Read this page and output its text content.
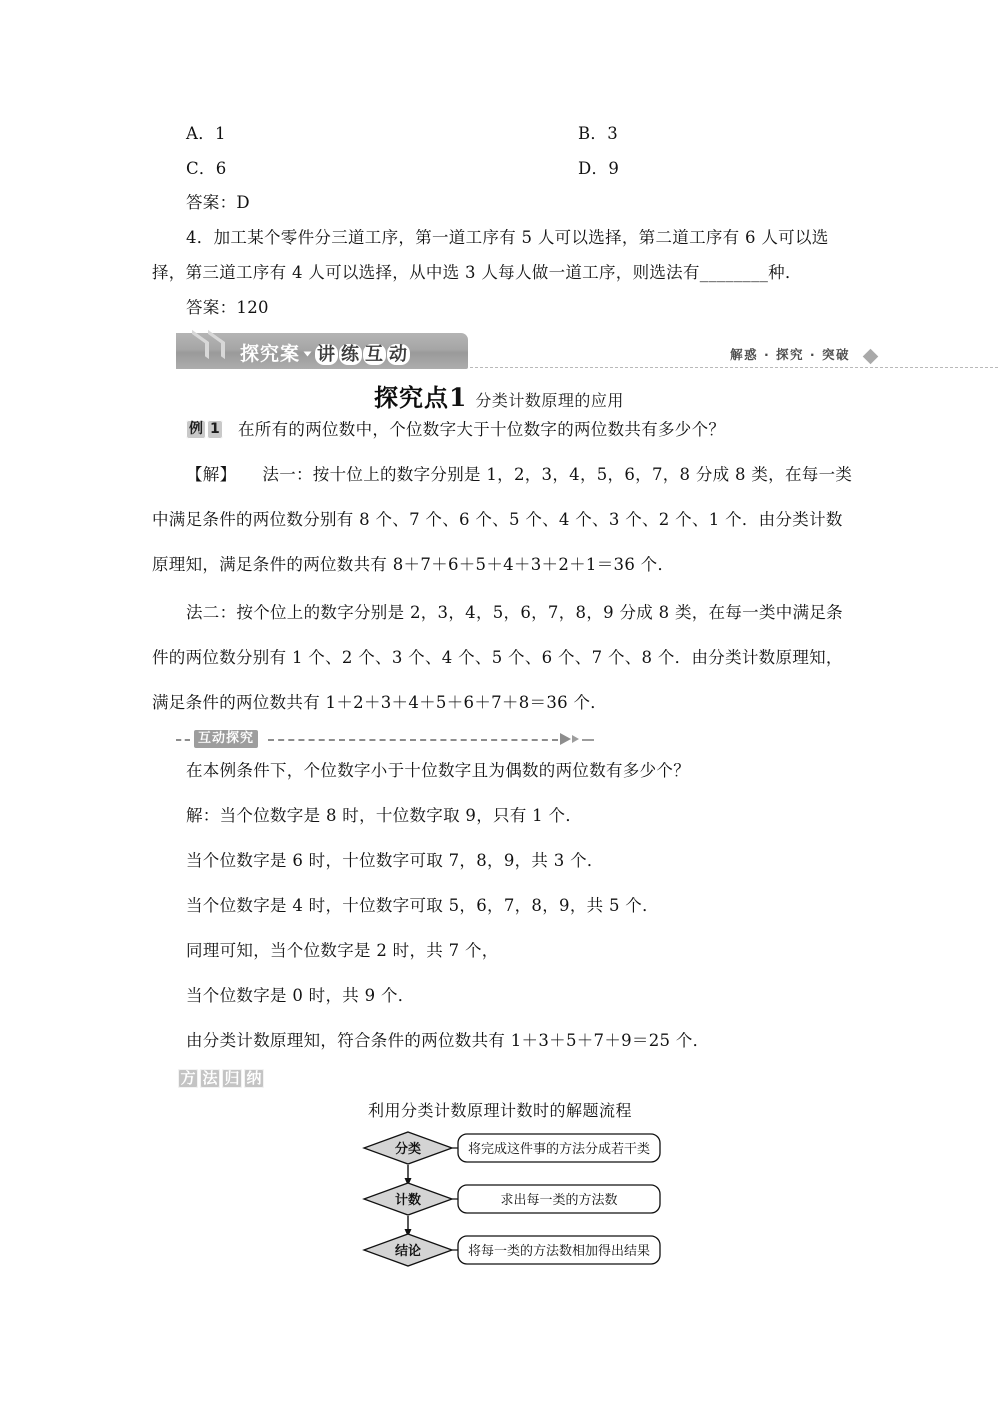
A．1	B．3
C．6	D．9
答案：D
4．加工某个零件分三道工序，第一道工序有 5 人可以选择，第二道工序有 6 人可以选
择，第三道工序有 4 人可以选择，从中选 3 人每人做一道工序，则选法有________种．
答案：120
探究案 讲 练 互 动	解惑 · 探究 · 突破
探究点1 分类计数原理的应用
例 1 在所有的两位数中，个位数字大于十位数字的两位数共有多少个？
【解】 法一：按十位上的数字分别是 1，2，3，4，5，6，7，8 分成 8 类，在每一类
中满足条件的两位数分别有 8 个、7 个、6 个、5 个、4 个、3 个、2 个、1 个．由分类计数
原理知，满足条件的两位数共有 8＋7＋6＋5＋4＋3＋2＋1＝36 个．
法二：按个位上的数字分别是 2，3，4，5，6，7，8，9 分成 8 类，在每一类中满足条
件的两位数分别有 1 个、2 个、3 个、4 个、5 个、6 个、7 个、8 个．由分类计数原理知，
满足条件的两位数共有 1＋2＋3＋4＋5＋6＋7＋8＝36 个．
互动探究
在本例条件下，个位数字小于十位数字且为偶数的两位数有多少个？
解：当个位数字是 8 时，十位数字取 9，只有 1 个．
当个位数字是 6 时，十位数字可取 7，8，9，共 3 个．
当个位数字是 4 时，十位数字可取 5，6，7，8，9，共 5 个．
同理可知，当个位数字是 2 时，共 7 个，
当个位数字是 0 时，共 9 个．
由分类计数原理知，符合条件的两位数共有 1＋3＋5＋7＋9＝25 个．
方 法 归 纳
利用分类计数原理计数时的解题流程
分类	将完成这件事的方法分成若干类
计数	求出每一类的方法数
结论	将每一类的方法数相加得出结果
